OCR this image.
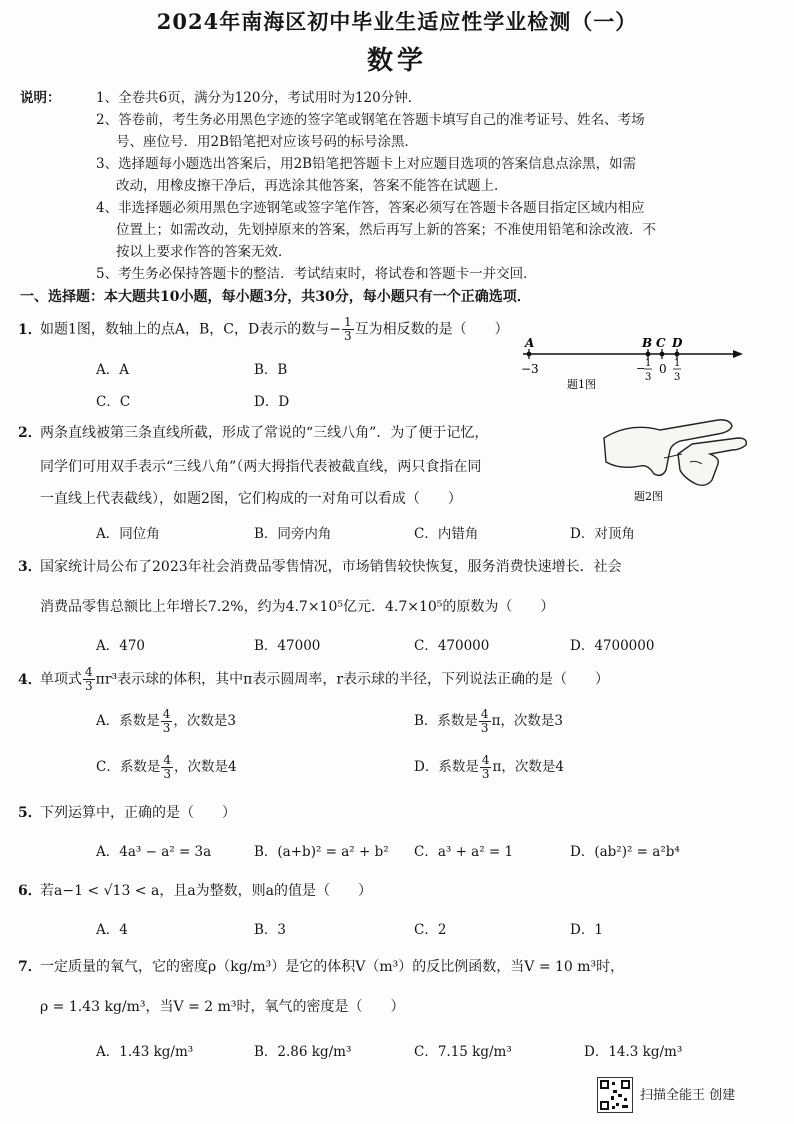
2024年南海区初中毕业生适应性学业检测（一）
数学
说明：	1、全卷共6页，满分为120分，考试用时为120分钟．
2、答卷前，考生务必用黑色字迹的签字笔或钢笔在答题卡填写自己的准考证号、姓名、考场
号、座位号．用2B铅笔把对应该号码的标号涂黑．
3、选择题每小题选出答案后，用2B铅笔把答题卡上对应题目选项的答案信息点涂黑，如需
改动，用橡皮擦干净后，再选涂其他答案，答案不能答在试题上．
4、非选择题必须用黑色字迹钢笔或签字笔作答，答案必须写在答题卡各题目指定区域内相应
位置上；如需改动，先划掉原来的答案，然后再写上新的答案；不准使用铅笔和涂改液．不
按以上要求作答的答案无效．
5、考生务必保持答题卡的整洁．考试结束时，将试卷和答题卡一并交回．
一、选择题：本大题共10小题，每小题3分，共30分，每小题只有一个正确选项．
1．如题1图，数轴上的点A，B，C，D表示的数与− $\frac{1}{3}$ 互为相反数的是（　　）
A．A	B．B
C．C	D．D
A	B C D
−3	0
− 1
3
1
3
题1图
2．两条直线被第三条直线所截，形成了常说的“三线八角”．为了便于记忆，
同学们可用双手表示“三线八角”（两大拇指代表被截直线，两只食指在同
一直线上代表截线），如题2图，它们构成的一对角可以看成（　　）	题2图
A．同位角	B．同旁内角	C．内错角	D．对顶角
3．国家统计局公布了2023年社会消费品零售情况，市场销售较快恢复，服务消费快速增长．社会
消费品零售总额比上年增长7.2%，约为4.7×10⁵亿元．4.7×10⁵的原数为（　　）
A．470	B．47000	C．470000	D．4700000
4．单项式 $\frac{4}{3} \pi r^3$表示球的体积，其中π表示圆周率，r表示球的半径，下列说法正确的是（　　）
A．系数是 $\frac{4}{3}$ ，次数是3	B．系数是 $\frac{4}{3}$ π，次数是3
C．系数是 $\frac{4}{3}$ ，次数是4	D．系数是 $\frac{4}{3}$ π，次数是4
5．下列运算中，正确的是（　　）
A．4a³ − a² = 3a	B．(a+b)² = a² + b² C．a³ + a² = 1	D．(ab²)² = a²b⁴
6．若a−1 < √13 < a，且a为整数，则a的值是（　　）
A．4	B．3	C．2	D．1
7．一定质量的氧气，它的密度ρ（kg/m³）是它的体积V（m³）的反比例函数，当V = 10 m³时，
ρ = 1.43 kg/m³，当V = 2 m³时，氧气的密度是（　　）
A．1.43 kg/m³	B．2.86 kg/m³	C．7.15 kg/m³	D．14.3 kg/m³
扫描全能王 创建
